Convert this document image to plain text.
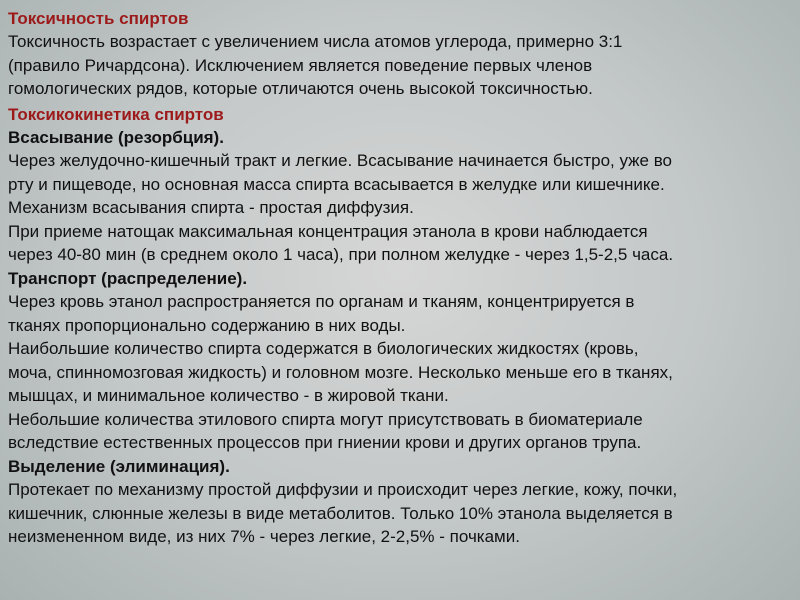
Токсичность спиртов

Токсичность возрастает с увеличением числа атомов углерода, примерно 3:1

(правило Ричардсона). Исключением является поведение первых членов

гомологических рядов, которые отличаются очень высокой токсичностью.

Токсикокинетика спиртов

Всасывание (резорбция).

Через желудочно-кишечный тракт и легкие. Всасывание начинается быстро, уже во

рту и пищеводе, но основная масса спирта всасывается в желудке или кишечнике.

Механизм всасывания спирта - простая диффузия.

При приеме натощак максимальная концентрация этанола в крови наблюдается

через 40-80 мин (в среднем около 1 часа), при полном желудке - через 1,5-2,5 часа.

Транспорт (распределение).

Через кровь этанол распространяется по органам и тканям, концентрируется в

тканях пропорционально содержанию в них воды.

Наибольшие количество спирта содержатся в биологических жидкостях (кровь,

моча, спинномозговая жидкость) и головном мозге. Несколько меньше его в тканях,

мышцах, и минимальное количество - в жировой ткани.

Небольшие количества этилового спирта могут присутствовать в биоматериале

вследствие естественных процессов при гниении крови и других органов трупа.

Выделение (элиминация).

Протекает по механизму простой диффузии и происходит через легкие, кожу, почки,

кишечник, слюнные железы в виде метаболитов. Только 10% этанола выделяется в

неизмененном виде, из них 7% - через легкие, 2-2,5% - почками.
